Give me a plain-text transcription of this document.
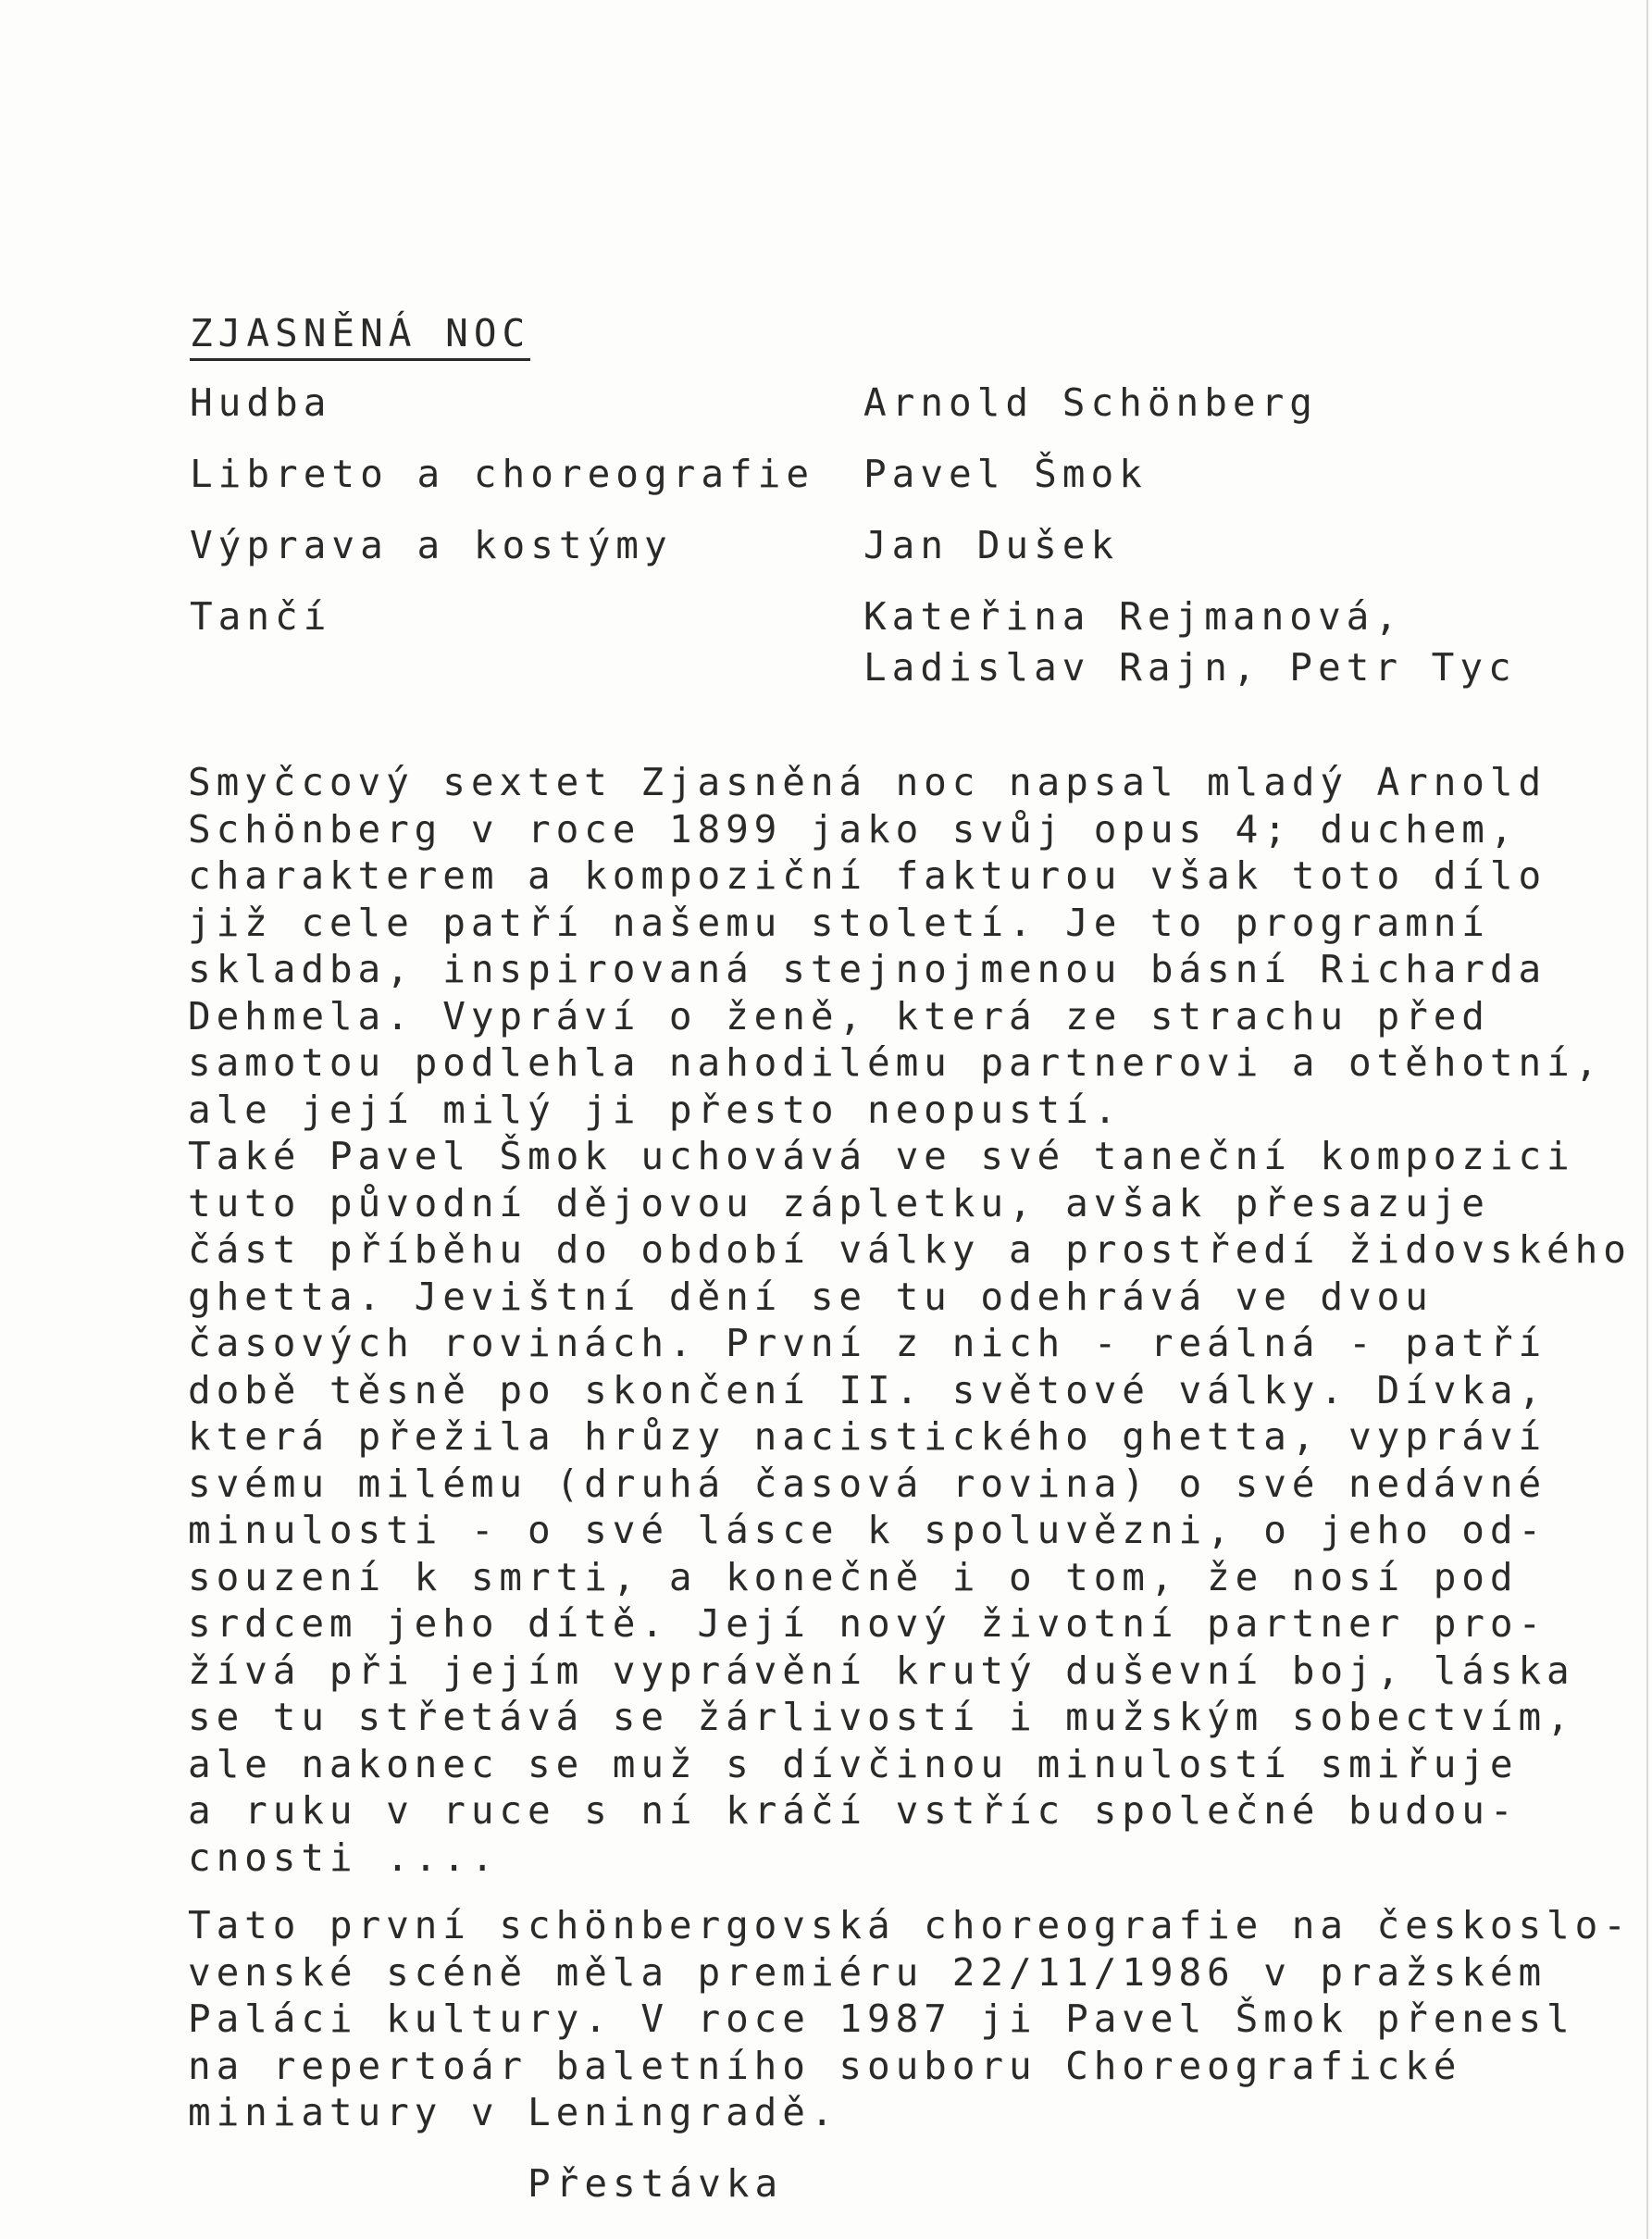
ZJASNĚNÁ NOC
Hudba	Arnold Schönberg
Libreto a choreografie	Pavel Šmok
Výprava a kostýmy	Jan Dušek
Tančí	Kateřina Rejmanová,
Ladislav Rajn, Petr Tyc
Smyčcový sextet Zjasněná noc napsal mladý Arnold
Schönberg v roce 1899 jako svůj opus 4; duchem,
charakterem a kompoziční fakturou však toto dílo
již cele patří našemu století. Je to programní
skladba, inspirovaná stejnojmenou básní Richarda
Dehmela. Vypráví o ženě, která ze strachu před
samotou podlehla nahodilému partnerovi a otěhotní,
ale její milý ji přesto neopustí.
Také Pavel Šmok uchovává ve své taneční kompozici
tuto původní dějovou zápletku, avšak přesazuje
část příběhu do období války a prostředí židovského
ghetta. Jevištní dění se tu odehrává ve dvou
časových rovinách. První z nich - reálná - patří
době těsně po skončení II. světové války. Dívka,
která přežila hrůzy nacistického ghetta, vypráví
svému milému (druhá časová rovina) o své nedávné
minulosti - o své lásce k spoluvězni, o jeho od-
souzení k smrti, a konečně i o tom, že nosí pod
srdcem jeho dítě. Její nový životní partner pro-
žívá při jejím vyprávění krutý duševní boj, láska
se tu střetává se žárlivostí i mužským sobectvím,
ale nakonec se muž s dívčinou minulostí smiřuje
a ruku v ruce s ní kráčí vstříc společné budou-
cnosti ....
Tato první schönbergovská choreografie na českoslo-
venské scéně měla premiéru 22/11/1986 v pražském
Paláci kultury. V roce 1987 ji Pavel Šmok přenesl
na repertoár baletního souboru Choreografické
miniatury v Leningradě.
Přestávka
